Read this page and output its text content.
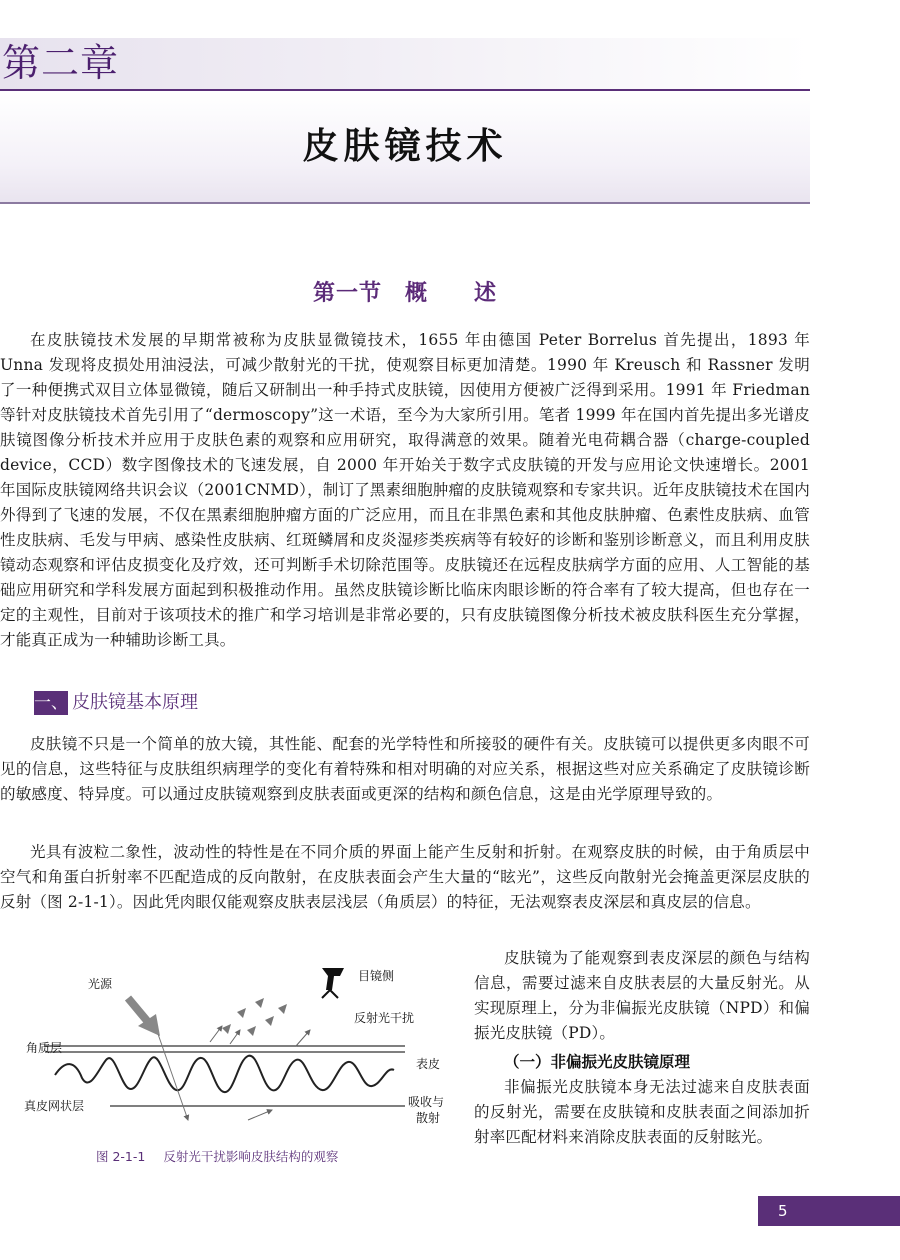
第二章
皮肤镜技术
第一节　概　　述

在皮肤镜技术发展的早期常被称为皮肤显微镜技术，1655 年由德国 Peter Borrelus 首先提出，1893 年 Unna 发现将皮损处用油浸法，可减少散射光的干扰，使观察目标更加清楚。1990 年 Kreusch 和 Rassner 发明了一种便携式双目立体显微镜，随后又研制出一种手持式皮肤镜，因使用方便被广泛得到采用。1991 年 Friedman 等针对皮肤镜技术首先引用了“dermoscopy”这一术语，至今为大家所引用。笔者 1999 年在国内首先提出多光谱皮肤镜图像分析技术并应用于皮肤色素的观察和应用研究，取得满意的效果。随着光电荷耦合器（charge-coupled device，CCD）数字图像技术的飞速发展，自 2000 年开始关于数字式皮肤镜的开发与应用论文快速增长。2001 年国际皮肤镜网络共识会议（2001CNMD），制订了黑素细胞肿瘤的皮肤镜观察和专家共识。近年皮肤镜技术在国内外得到了飞速的发展，不仅在黑素细胞肿瘤方面的广泛应用，而且在非黑色素和其他皮肤肿瘤、色素性皮肤病、血管性皮肤病、毛发与甲病、感染性皮肤病、红斑鳞屑和皮炎湿疹类疾病等有较好的诊断和鉴别诊断意义，而且利用皮肤镜动态观察和评估皮损变化及疗效，还可判断手术切除范围等。皮肤镜还在远程皮肤病学方面的应用、人工智能的基础应用研究和学科发展方面起到积极推动作用。虽然皮肤镜诊断比临床肉眼诊断的符合率有了较大提高，但也存在一定的主观性，目前对于该项技术的推广和学习培训是非常必要的，只有皮肤镜图像分析技术被皮肤科医生充分掌握，才能真正成为一种辅助诊断工具。

一、 皮肤镜基本原理

皮肤镜不只是一个简单的放大镜，其性能、配套的光学特性和所接驳的硬件有关。皮肤镜可以提供更多肉眼不可见的信息，这些特征与皮肤组织病理学的变化有着特殊和相对明确的对应关系，根据这些对应关系确定了皮肤镜诊断的敏感度、特异度。可以通过皮肤镜观察到皮肤表面或更深的结构和颜色信息，这是由光学原理导致的。

光具有波粒二象性，波动性的特性是在不同介质的界面上能产生反射和折射。在观察皮肤的时候，由于角质层中空气和角蛋白折射率不匹配造成的反向散射，在皮肤表面会产生大量的“眩光”，这些反向散射光会掩盖更深层皮肤的反射（图 2-1-1）。因此凭肉眼仅能观察皮肤表层浅层（角质层）的特征，无法观察表皮深层和真皮层的信息。

光源
目镜侧
反射光干扰
角质层
表皮
真皮网状层	吸收与
散射
图 2-1-1 反射光干扰影响皮肤结构的观察

皮肤镜为了能观察到表皮深层的颜色与结构信息，需要过滤来自皮肤表层的大量反射光。从实现原理上，分为非偏振光皮肤镜（NPD）和偏振光皮肤镜（PD）。

（一）非偏振光皮肤镜原理

非偏振光皮肤镜本身无法过滤来自皮肤表面的反射光，需要在皮肤镜和皮肤表面之间添加折射率匹配材料来消除皮肤表面的反射眩光。

5
